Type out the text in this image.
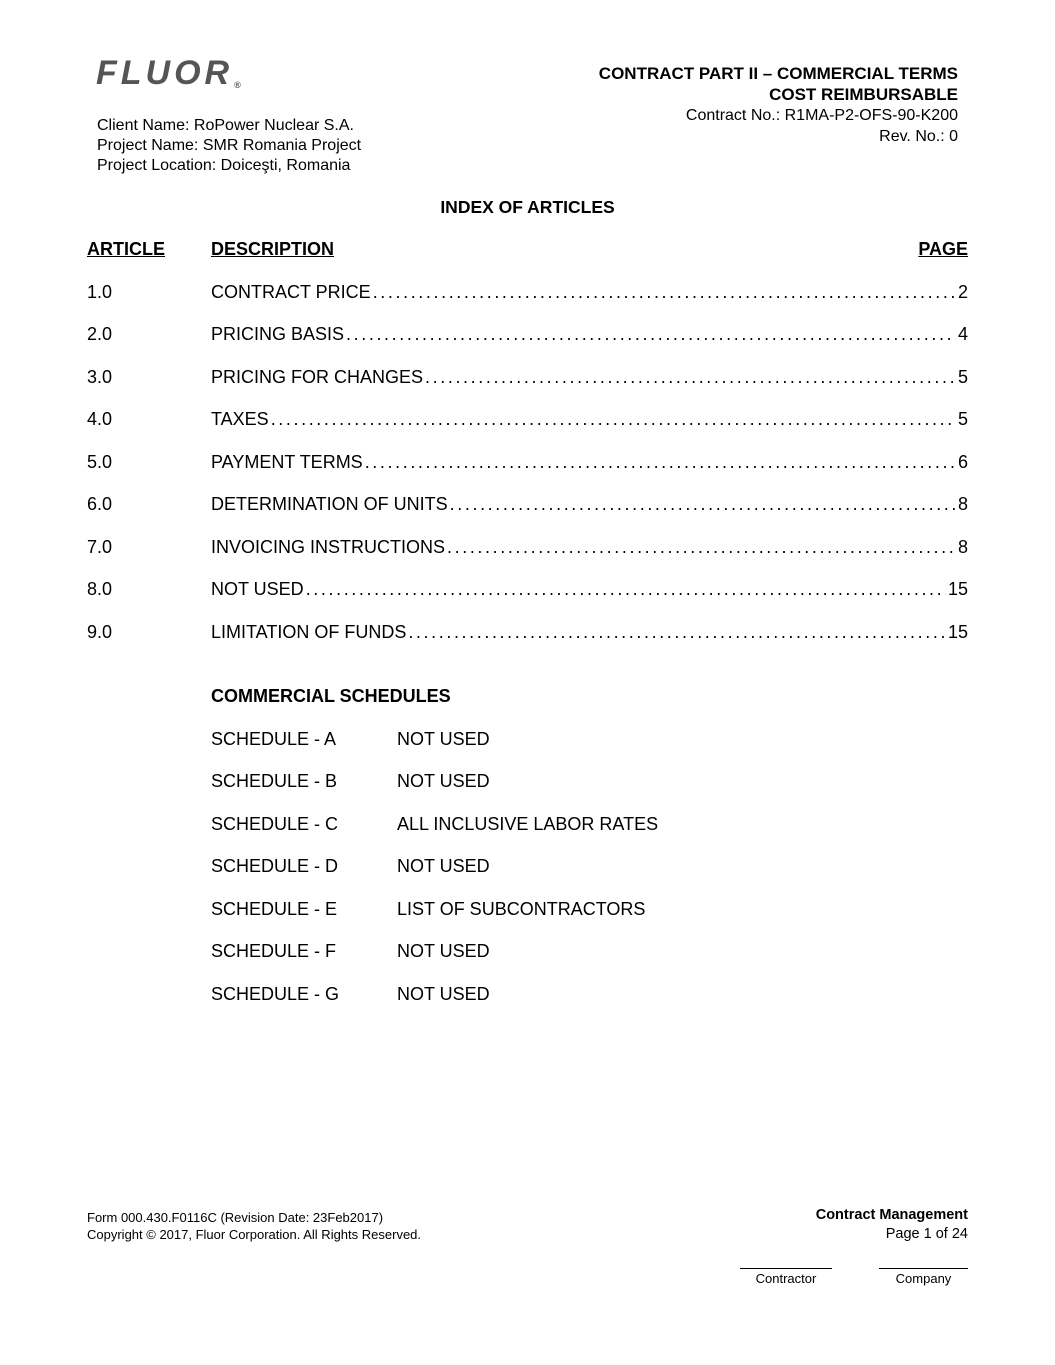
FLUOR®
Client Name: RoPower Nuclear S.A.
Project Name: SMR Romania Project
Project Location: Doiceşti, Romania
CONTRACT PART II – COMMERCIAL TERMS
COST REIMBURSABLE
Contract No.: R1MA-P2-OFS-90-K200
Rev. No.: 0
INDEX OF ARTICLES
ARTICLE	DESCRIPTION	PAGE
1.0	CONTRACT PRICE . . .	2
2.0	PRICING BASIS . . .	4
3.0	PRICING FOR CHANGES . . .	5
4.0	TAXES . . .	5
5.0	PAYMENT TERMS . . .	6
6.0	DETERMINATION OF UNITS . . .	8
7.0	INVOICING INSTRUCTIONS . . .	8
8.0	NOT USED . . .	15
9.0	LIMITATION OF FUNDS . . .	15
COMMERCIAL SCHEDULES
SCHEDULE - A	NOT USED
SCHEDULE - B	NOT USED
SCHEDULE - C	ALL INCLUSIVE LABOR RATES
SCHEDULE - D	NOT USED
SCHEDULE - E	LIST OF SUBCONTRACTORS
SCHEDULE - F	NOT USED
SCHEDULE - G	NOT USED
Form 000.430.F0116C (Revision Date: 23Feb2017)
Copyright © 2017, Fluor Corporation. All Rights Reserved.
Contract Management
Page 1 of 24
Contractor	Company
